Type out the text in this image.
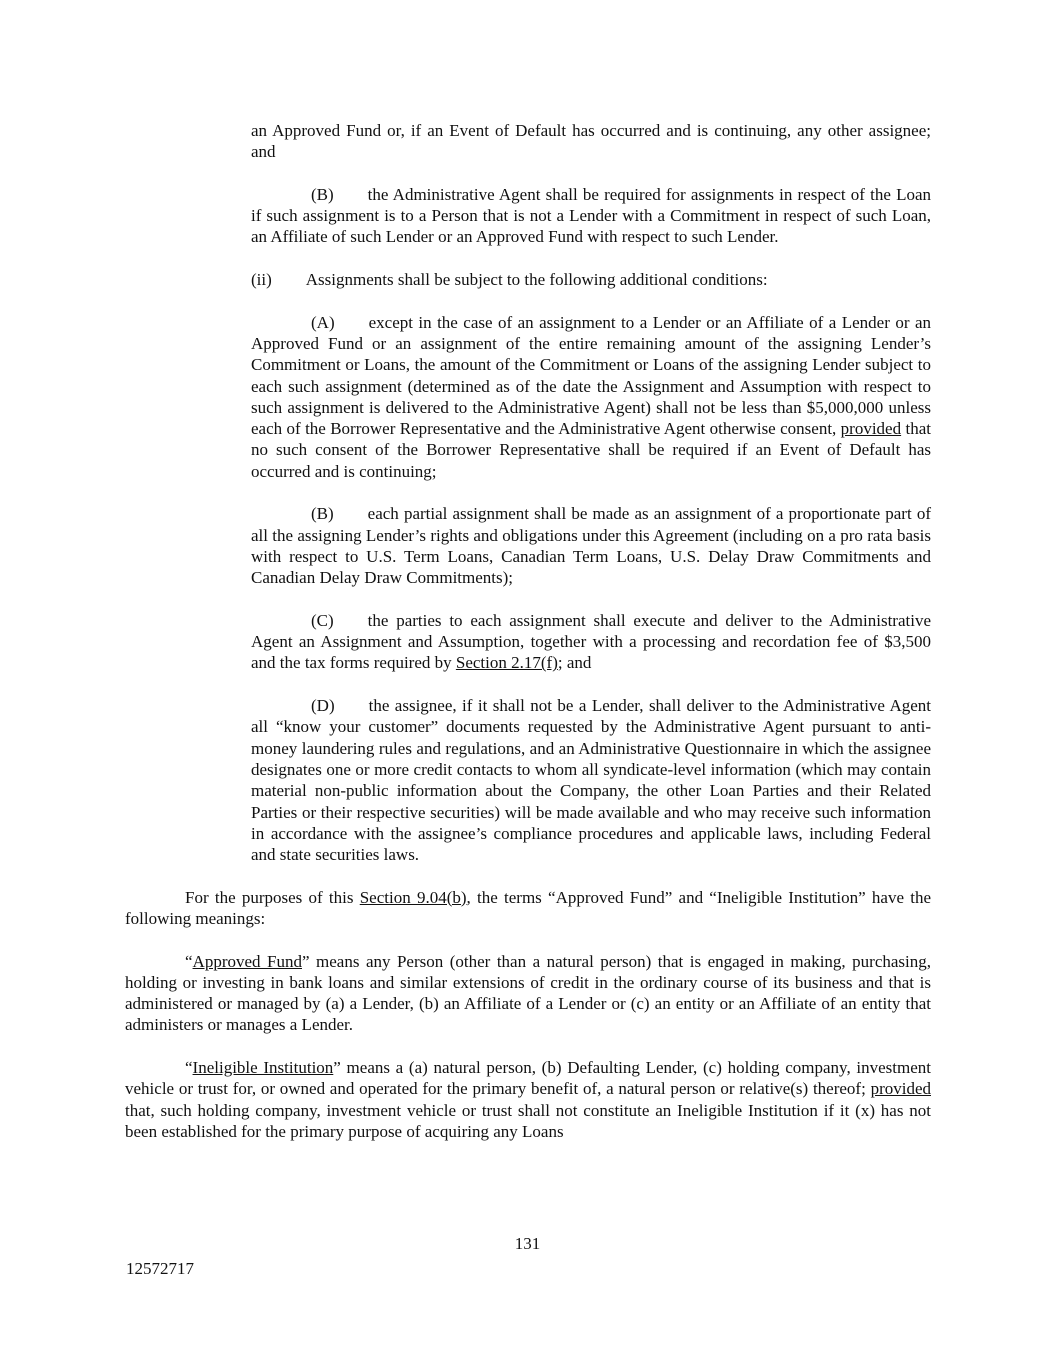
an Approved Fund or, if an Event of Default has occurred and is continuing, any other assignee; and

(B) the Administrative Agent shall be required for assignments in respect of the Loan if such assignment is to a Person that is not a Lender with a Commitment in respect of such Loan, an Affiliate of such Lender or an Approved Fund with respect to such Lender.

(ii) Assignments shall be subject to the following additional conditions:

(A) except in the case of an assignment to a Lender or an Affiliate of a Lender or an Approved Fund or an assignment of the entire remaining amount of the assigning Lender’s Commitment or Loans, the amount of the Commitment or Loans of the assigning Lender subject to each such assignment (determined as of the date the Assignment and Assumption with respect to such assignment is delivered to the Administrative Agent) shall not be less than $5,000,000 unless each of the Borrower Representative and the Administrative Agent otherwise consent, provided that no such consent of the Borrower Representative shall be required if an Event of Default has occurred and is continuing;

(B) each partial assignment shall be made as an assignment of a proportionate part of all the assigning Lender’s rights and obligations under this Agreement (including on a pro rata basis with respect to U.S. Term Loans, Canadian Term Loans, U.S. Delay Draw Commitments and Canadian Delay Draw Commitments);

(C) the parties to each assignment shall execute and deliver to the Administrative Agent an Assignment and Assumption, together with a processing and recordation fee of $3,500 and the tax forms required by Section 2.17(f); and

(D) the assignee, if it shall not be a Lender, shall deliver to the Administrative Agent all “know your customer” documents requested by the Administrative Agent pursuant to anti-money laundering rules and regulations, and an Administrative Questionnaire in which the assignee designates one or more credit contacts to whom all syndicate-level information (which may contain material non-public information about the Company, the other Loan Parties and their Related Parties or their respective securities) will be made available and who may receive such information in accordance with the assignee’s compliance procedures and applicable laws, including Federal and state securities laws.

For the purposes of this Section 9.04(b), the terms “Approved Fund” and “Ineligible Institution” have the following meanings:

“Approved Fund” means any Person (other than a natural person) that is engaged in making, purchasing, holding or investing in bank loans and similar extensions of credit in the ordinary course of its business and that is administered or managed by (a) a Lender, (b) an Affiliate of a Lender or (c) an entity or an Affiliate of an entity that administers or manages a Lender.

“Ineligible Institution” means a (a) natural person, (b) Defaulting Lender, (c) holding company, investment vehicle or trust for, or owned and operated for the primary benefit of, a natural person or relative(s) thereof; provided that, such holding company, investment vehicle or trust shall not constitute an Ineligible Institution if it (x) has not been established for the primary purpose of acquiring any Loans

131
12572717
